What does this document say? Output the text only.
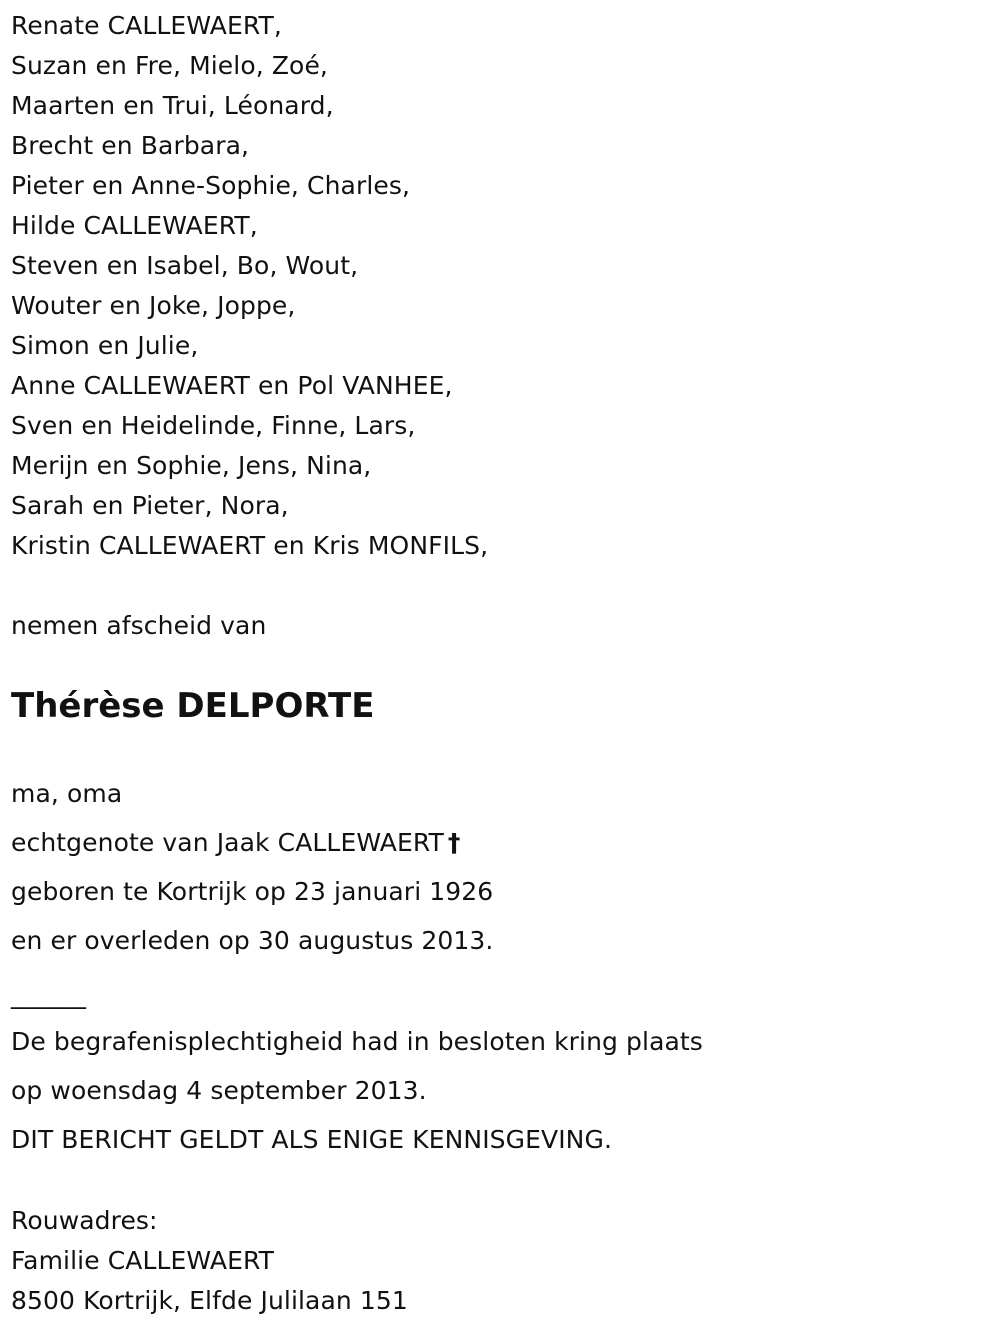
Renate CALLEWAERT,
Suzan en Fre, Mielo, Zoé,
Maarten en Trui, Léonard,
Brecht en Barbara,
Pieter en Anne-Sophie, Charles,
Hilde CALLEWAERT,
Steven en Isabel, Bo, Wout,
Wouter en Joke, Joppe,
Simon en Julie,
Anne CALLEWAERT en Pol VANHEE,
Sven en Heidelinde, Finne, Lars,
Merijn en Sophie, Jens, Nina,
Sarah en Pieter, Nora,
Kristin CALLEWAERT en Kris MONFILS,
nemen afscheid van
Thérèse DELPORTE
ma, oma
echtgenote van Jaak CALLEWAERT †
geboren te Kortrijk op 23 januari 1926
en er overleden op 30 augustus 2013.
______
De begrafenisplechtigheid had in besloten kring plaats
op woensdag 4 september 2013.
DIT BERICHT GELDT ALS ENIGE KENNISGEVING.
Rouwadres:
Familie CALLEWAERT
8500 Kortrijk, Elfde Julilaan 151
